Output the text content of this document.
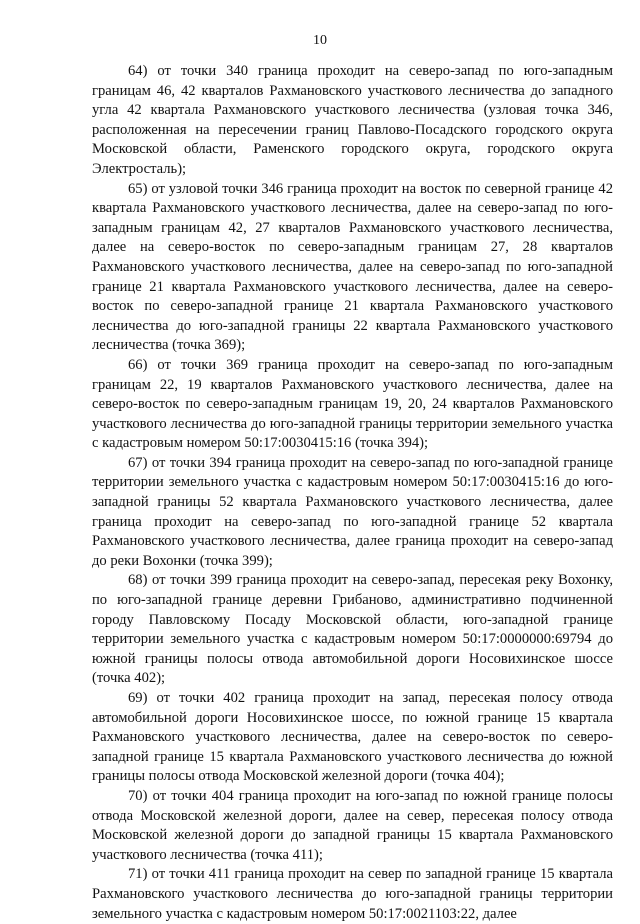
10

64) от точки 340 граница проходит на северо-запад по юго-западным границам 46, 42 кварталов Рахмановского участкового лесничества до западного угла 42 квартала Рахмановского участкового лесничества (узловая точка 346, расположенная на пересечении границ Павлово-Посадского городского округа Московской области, Раменского городского округа, городского округа Электросталь);

65) от узловой точки 346 граница проходит на восток по северной границе 42 квартала Рахмановского участкового лесничества, далее на северо-запад по юго-западным границам 42, 27 кварталов Рахмановского участкового лесничества, далее на северо-восток по северо-западным границам 27, 28 кварталов Рахмановского участкового лесничества, далее на северо-запад по юго-западной границе 21 квартала Рахмановского участкового лесничества, далее на северо-восток по северо-западной границе 21 квартала Рахмановского участкового лесничества до юго-западной границы 22 квартала Рахмановского участкового лесничества (точка 369);

66) от точки 369 граница проходит на северо-запад по юго-западным границам 22, 19 кварталов Рахмановского участкового лесничества, далее на северо-восток по северо-западным границам 19, 20, 24 кварталов Рахмановского участкового лесничества до юго-западной границы территории земельного участка с кадастровым номером 50:17:0030415:16 (точка 394);

67) от точки 394 граница проходит на северо-запад по юго-западной границе территории земельного участка с кадастровым номером 50:17:0030415:16 до юго-западной границы 52 квартала Рахмановского участкового лесничества, далее граница проходит на северо-запад по юго-западной границе 52 квартала Рахмановского участкового лесничества, далее граница проходит на северо-запад до реки Вохонки (точка 399);

68) от точки 399 граница проходит на северо-запад, пересекая реку Вохонку, по юго-западной границе деревни Грибаново, административно подчиненной городу Павловскому Посаду Московской области, юго-западной границе территории земельного участка с кадастровым номером 50:17:0000000:69794 до южной границы полосы отвода автомобильной дороги Носовихинское шоссе (точка 402);

69) от точки 402 граница проходит на запад, пересекая полосу отвода автомобильной дороги Носовихинское шоссе, по южной границе 15 квартала Рахмановского участкового лесничества, далее на северо-восток по северо-западной границе 15 квартала Рахмановского участкового лесничества до южной границы полосы отвода Московской железной дороги (точка 404);

70) от точки 404 граница проходит на юго-запад по южной границе полосы отвода Московской железной дороги, далее на север, пересекая полосу отвода Московской железной дороги до западной границы 15 квартала Рахмановского участкового лесничества (точка 411);

71) от точки 411 граница проходит на север по западной границе 15 квартала Рахмановского участкового лесничества до юго-западной границы территории земельного участка с кадастровым номером 50:17:0021103:22, далее
